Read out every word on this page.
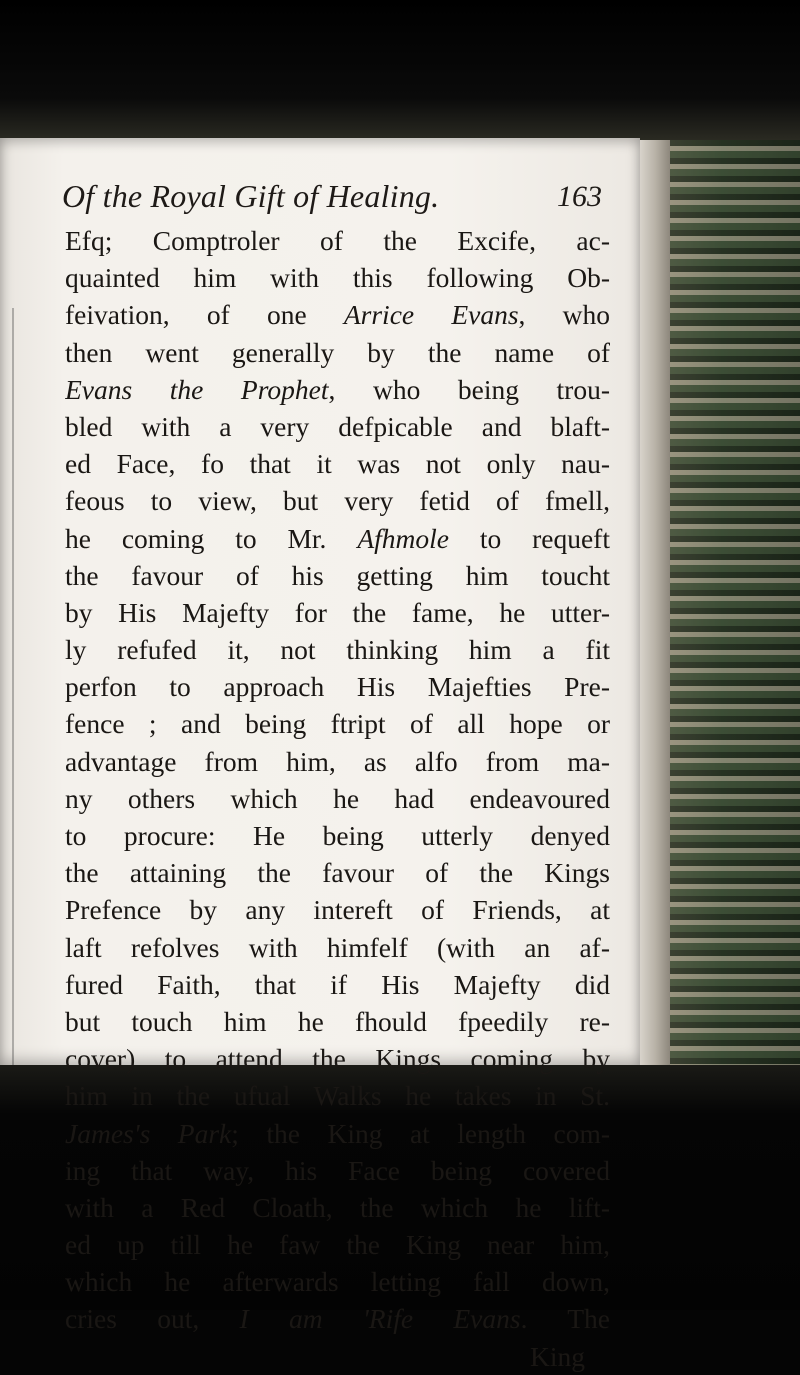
Of the Royal Gift of Healing.	163
Efq; Comptroler of the Excife, ac-
quainted him with this following Ob-
feivation, of one Arrice Evans, who
then went generally by the name of
Evans the Prophet, who being trou-
bled with a very defpicable and blaft-
ed Face, fo that it was not only nau-
feous to view, but very fetid of fmell,
he coming to Mr. Afhmole to requeft
the favour of his getting him toucht
by His Majefty for the fame, he utter-
ly refufed it, not thinking him a fit
perfon to approach His Majefties Pre-
fence ; and being ftript of all hope or
advantage from him, as alfo from ma-
ny others which he had endeavoured
to procure: He being utterly denyed
the attaining the favour of the Kings
Prefence by any intereft of Friends, at
laft refolves with himfelf (with an af-
fured Faith, that if His Majefty did
but touch him he fhould fpeedily re-
cover) to attend the Kings coming by
him in the ufual Walks he takes in St.
James's Park; the King at length com-
ing that way, his Face being covered
with a Red Cloath, the which he lift-
ed up till he faw the King near him,
which he afterwards letting fall down,
cries out, I am 'Rife Evans. The
King
